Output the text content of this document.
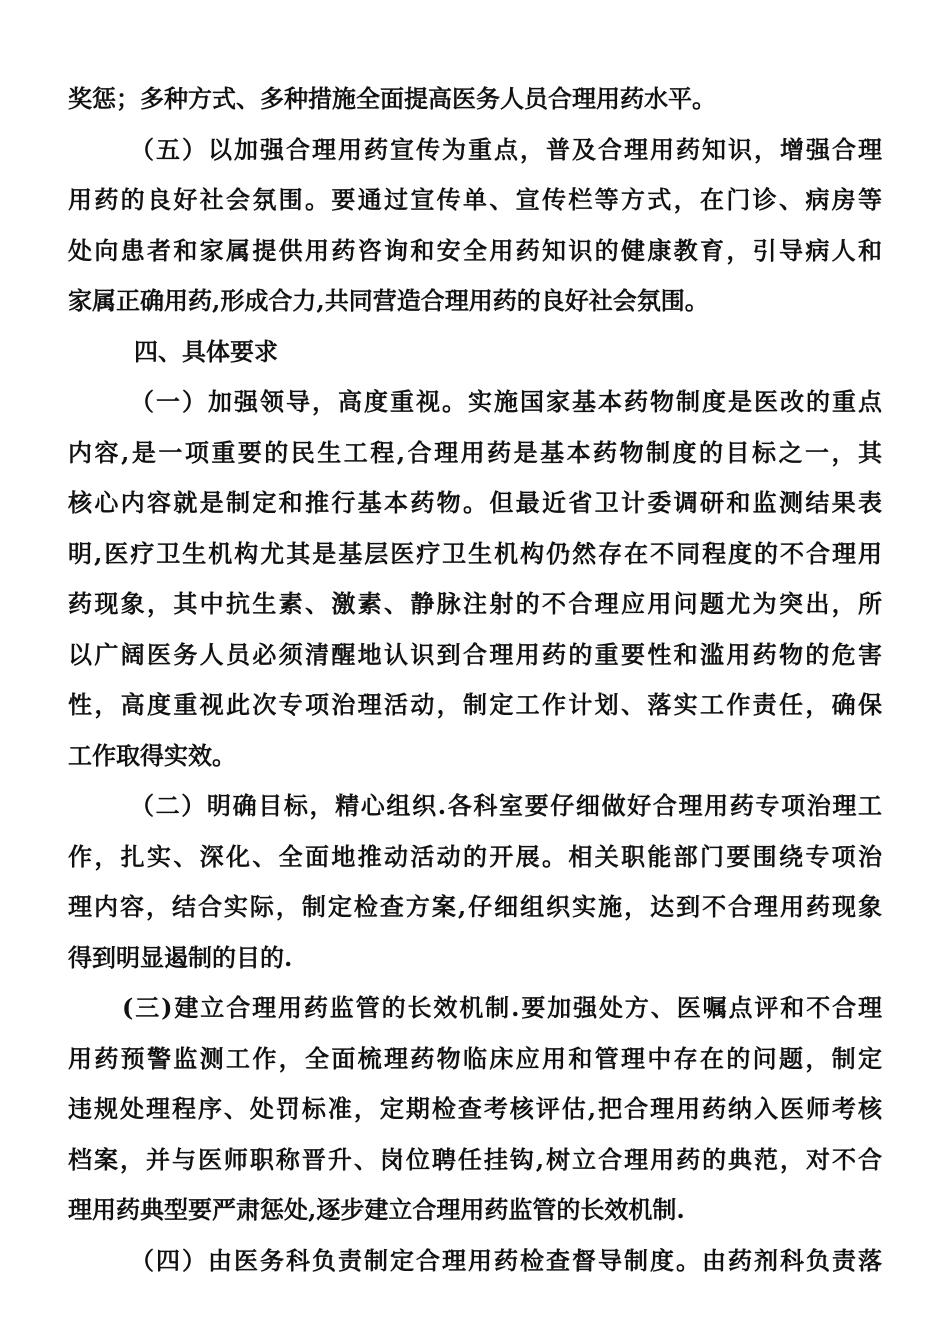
奖惩；多种方式、多种措施全面提高医务人员合理用药水平。
（五）以加强合理用药宣传为重点，普及合理用药知识，增强合理
用药的良好社会氛围。要通过宣传单、宣传栏等方式，在门诊、病房等
处向患者和家属提供用药咨询和安全用药知识的健康教育，引导病人和
家属正确用药,形成合力,共同营造合理用药的良好社会氛围。
四、具体要求
（一）加强领导，高度重视。实施国家基本药物制度是医改的重点
内容,是一项重要的民生工程,合理用药是基本药物制度的目标之一，其
核心内容就是制定和推行基本药物。但最近省卫计委调研和监测结果表
明,医疗卫生机构尤其是基层医疗卫生机构仍然存在不同程度的不合理用
药现象，其中抗生素、激素、静脉注射的不合理应用问题尤为突出，所
以广阔医务人员必须清醒地认识到合理用药的重要性和滥用药物的危害
性，高度重视此次专项治理活动，制定工作计划、落实工作责任，确保
工作取得实效。
（二）明确目标，精心组织.各科室要仔细做好合理用药专项治理工
作，扎实、深化、全面地推动活动的开展。相关职能部门要围绕专项治
理内容，结合实际，制定检查方案,仔细组织实施，达到不合理用药现象
得到明显遏制的目的.
(三)建立合理用药监管的长效机制.要加强处方、医嘱点评和不合理
用药预警监测工作，全面梳理药物临床应用和管理中存在的问题，制定
违规处理程序、处罚标准，定期检查考核评估,把合理用药纳入医师考核
档案，并与医师职称晋升、岗位聘任挂钩,树立合理用药的典范，对不合
理用药典型要严肃惩处,逐步建立合理用药监管的长效机制.
（四）由医务科负责制定合理用药检查督导制度。由药剂科负责落
